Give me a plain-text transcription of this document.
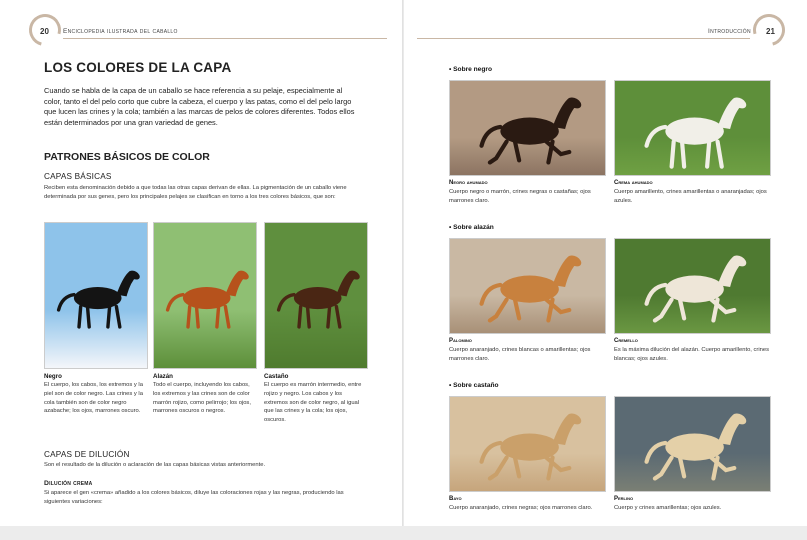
20 Enciclopedia ilustrada del caballo	Introducción 21
LOS COLORES DE LA CAPA

Cuando se habla de la capa de un caballo se hace referencia a su pelaje, especialmente al color, tanto el del pelo corto que cubre la cabeza, el cuerpo y las patas, como el del pelo largo que lucen las crines y la cola; también a las marcas de pelos de colores diferentes. Todos ellos están determinados por una gran variedad de genes.

PATRONES BÁSICOS DE COLOR
CAPAS BÁSICAS

Reciben esta denominación debido a que todas las otras capas derivan de ellas. La pigmentación de un caballo viene determinada por sus genes, pero los principales pelajes se clasifican en torno a los tres colores básicos, que son:

Negro
El cuerpo, los cabos, los extremos y la piel son de color negro. Las crines y la cola también son de color negro azabache; los ojos, marrones oscuro.
Alazán
Todo el cuerpo, incluyendo los cabos, los extremos y las crines son de color marrón rojizo, como pelirrojo; los ojos, marrones oscuros o negros.
Castaño
El cuerpo es marrón intermedio, entre rojizo y negro. Los cabos y los extremos son de color negro, al igual que las crines y la cola; los ojos, oscuros.
CAPAS DE DILUCIÓN

Son el resultado de la dilución o aclaración de las capas básicas vistas anteriormente.

Dilución crema

Si aparece el gen «crema» añadido a los colores básicos, diluye las coloraciones rojas y las negras, produciendo las siguientes variaciones:

• Sobre negro
Negro ahumado
Cuerpo negro o marrón, crines negras o castañas; ojos marrones claro.
Crema ahumado
Cuerpo amarillento, crines amarillentas o anaranjadas; ojos azules.
• Sobre alazán
Palomino
Cuerpo anaranjado, crines blancas o amarillentas; ojos marrones claro.
Cremello
Es la máxima dilución del alazán. Cuerpo amarillento, crines blancas; ojos azules.
• Sobre castaño
Bayo
Cuerpo anaranjado, crines negras; ojos marrones claro.
Perlino
Cuerpo y crines amarillentas; ojos azules.
